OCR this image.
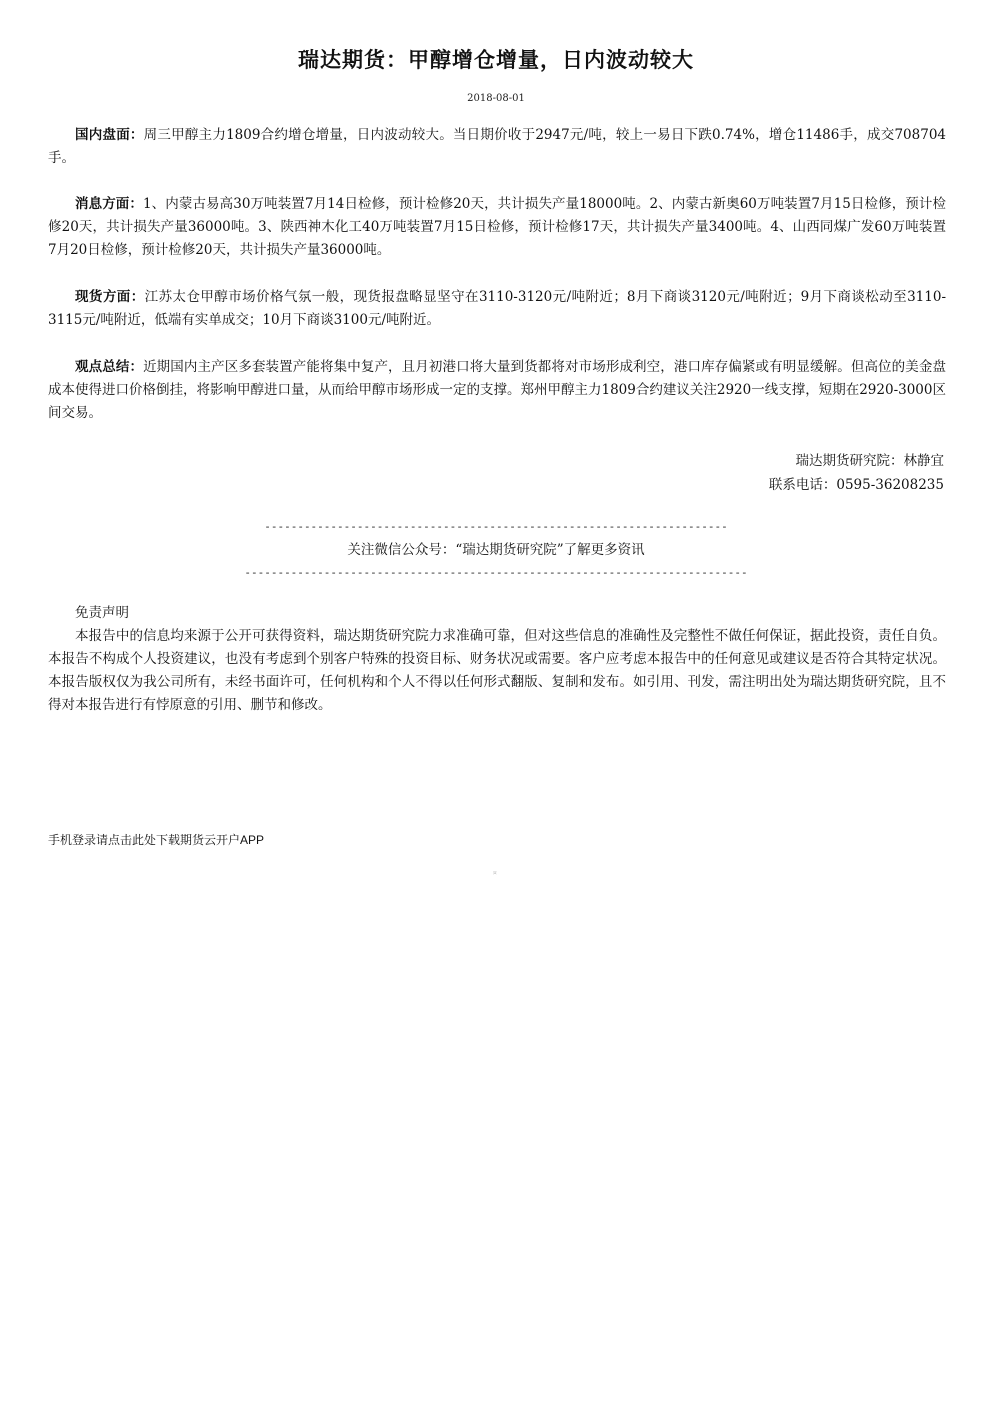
瑞达期货：甲醇增仓增量，日内波动较大
2018-08-01
国内盘面：周三甲醇主力1809合约增仓增量，日内波动较大。当日期价收于2947元/吨，较上一易日下跌0.74%，增仓11486手，成交708704手。
消息方面：1、内蒙古易高30万吨装置7月14日检修，预计检修20天，共计损失产量18000吨。2、内蒙古新奥60万吨装置7月15日检修，预计检修20天，共计损失产量36000吨。3、陕西神木化工40万吨装置7月15日检修，预计检修17天，共计损失产量3400吨。4、山西同煤广发60万吨装置7月20日检修，预计检修20天，共计损失产量36000吨。
现货方面：江苏太仓甲醇市场价格气氛一般，现货报盘略显坚守在3110-3120元/吨附近；8月下商谈3120元/吨附近；9月下商谈松动至3110-3115元/吨附近，低端有实单成交；10月下商谈3100元/吨附近。
观点总结：近期国内主产区多套装置产能将集中复产，且月初港口将大量到货都将对市场形成利空，港口库存偏紧或有明显缓解。但高位的美金盘成本使得进口价格倒挂，将影响甲醇进口量，从而给甲醇市场形成一定的支撑。郑州甲醇主力1809合约建议关注2920一线支撑，短期在2920-3000区间交易。
瑞达期货研究院：林静宜
联系电话：0595-36208235
----------------------------------------------------------------------
关注微信公众号：“瑞达期货研究院”了解更多资讯
----------------------------------------------------------------------------
免责声明
本报告中的信息均来源于公开可获得资料，瑞达期货研究院力求准确可靠，但对这些信息的准确性及完整性不做任何保证，据此投资，责任自负。本报告不构成个人投资建议，也没有考虑到个别客户特殊的投资目标、财务状况或需要。客户应考虑本报告中的任何意见或建议是否符合其特定状况。本报告版权仅为我公司所有，未经书面许可，任何机构和个人不得以任何形式翻版、复制和发布。如引用、刊发，需注明出处为瑞达期货研究院，且不得对本报告进行有悖原意的引用、删节和修改。
手机登录请点击此处下载期货云开户APP
¤
